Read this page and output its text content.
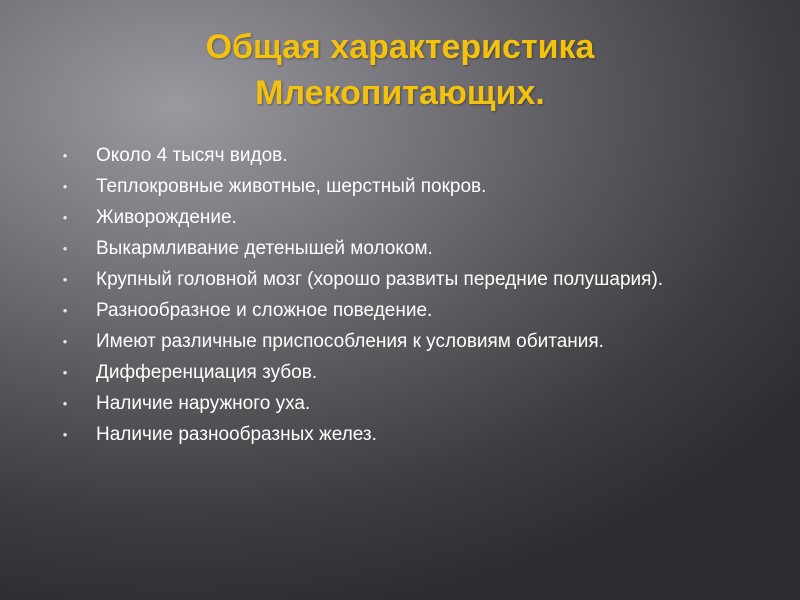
Общая характеристика
Млекопитающих.
• Около 4 тысяч видов.
• Теплокровные животные, шерстный покров.
• Живорождение.
• Выкармливание детенышей молоком.
• Крупный головной мозг (хорошо развиты передние полушария).
• Разнообразное и сложное поведение.
• Имеют различные приспособления к условиям обитания.
• Дифференциация зубов.
• Наличие наружного уха.
• Наличие разнообразных желез.
